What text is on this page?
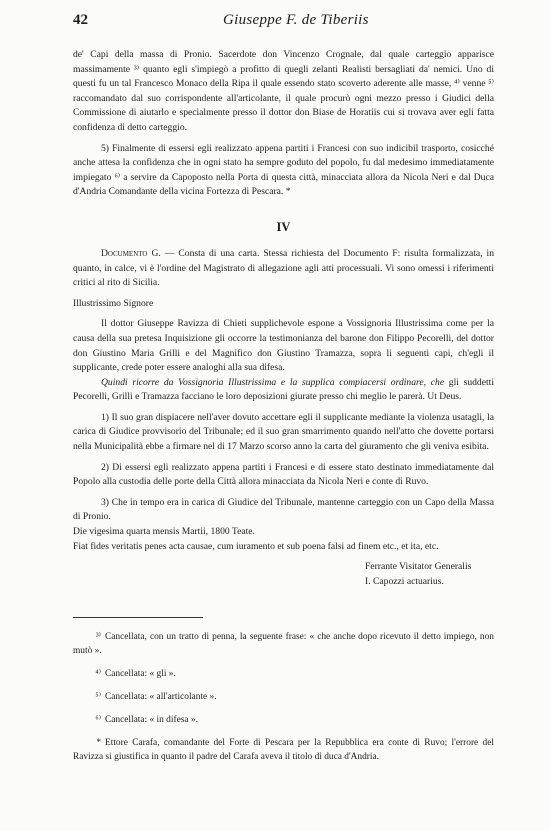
42	Giuseppe F. de Tiberiis

de' Capi della massa di Pronio. Sacerdote don Vincenzo Crognale, dal quale carteggio apparisce massimamente ³⁾ quanto egli s'impiegò a profitto di quegli zelanti Realisti bersagliati da' nemici. Uno di questi fu un tal Francesco Monaco della Ripa il quale essendo stato scoverto aderente alle masse, ⁴⁾ venne ⁵⁾ raccomandato dal suo corrispondente all'articolante, il quale procurò ogni mezzo presso i Giudici della Commissione di aiutarlo e specialmente presso il dottor don Biase de Horatiis cui si trovava aver egli fatta confidenza di detto carteggio.

5) Finalmente di essersi egli realizzato appena partiti i Francesi con suo indicibil trasporto, cosicché anche attesa la confidenza che in ogni stato ha sempre goduto del popolo, fu dal medesimo immediatamente impiegato ⁶⁾ a servire da Capoposto nella Porta di questa città, minacciata allora da Nicola Neri e dal Duca d'Andria Comandante della vicina Fortezza di Pescara. *

IV

Documento G. — Consta di una carta. Stessa richiesta del Documento F: risulta formalizzata, in quanto, in calce, vi è l'ordine del Magistrato di allegazione agli atti processuali. Vi sono omessi i riferimenti critici al rito di Sicilia.

Illustrissimo Signore

Il dottor Giuseppe Ravizza di Chieti supplichevole espone a Vossignoria Illustrissima come per la causa della sua pretesa Inquisizione gli occorre la testimonianza del barone don Filippo Pecorelli, del dottor don Giustino Maria Grilli e del Magnifico don Giustino Tramazza, sopra li seguenti capi, ch'egli il supplicante, crede poter essere analoghi alla sua difesa.

Quindi ricorre da Vossignoria Illustrissima e la supplica compiacersi ordinare, che gli suddetti Pecorelli, Grilli e Tramazza facciano le loro deposizioni giurate presso chi meglio le parerà. Ut Deus.

1) Il suo gran dispiacere nell'aver dovuto accettare egli il supplicante mediante la violenza usatagli, la carica di Giudice provvisorio del Tribunale; ed il suo gran smarrimento quando nell'atto che dovette portarsi nella Municipalità ebbe a firmare nel di 17 Marzo scorso anno la carta del giuramento che gli veniva esibita.

2) Di essersi egli realizzato appena partiti i Francesi e di essere stato destinato immediatamente dal Popolo alla custodia delle porte della Città allora minacciata da Nicola Neri e conte di Ruvo.

3) Che in tempo era in carica di Giudice del Tribunale, mantenne carteggio con un Capo della Massa di Pronio.

Die vigesima quarta mensis Martii, 1800 Teate.

Fiat fides veritatis penes acta causae, cum iuramento et sub poena falsi ad finem etc., et ita, etc.

Ferrante Visitator Generalis
I. Capozzi actuarius.

³⁾ Cancellata, con un tratto di penna, la seguente frase: « che anche dopo ricevuto il detto impiego, non mutò ».

⁴⁾ Cancellata: « gli ».

⁵⁾ Cancellata: « all'articolante ».

⁶⁾ Cancellata: « in difesa ».

* Ettore Carafa, comandante del Forte di Pescara per la Repubblica era conte di Ruvo; l'errore del Ravizza si giustifica in quanto il padre del Carafa aveva il titolo di duca d'Andria.
